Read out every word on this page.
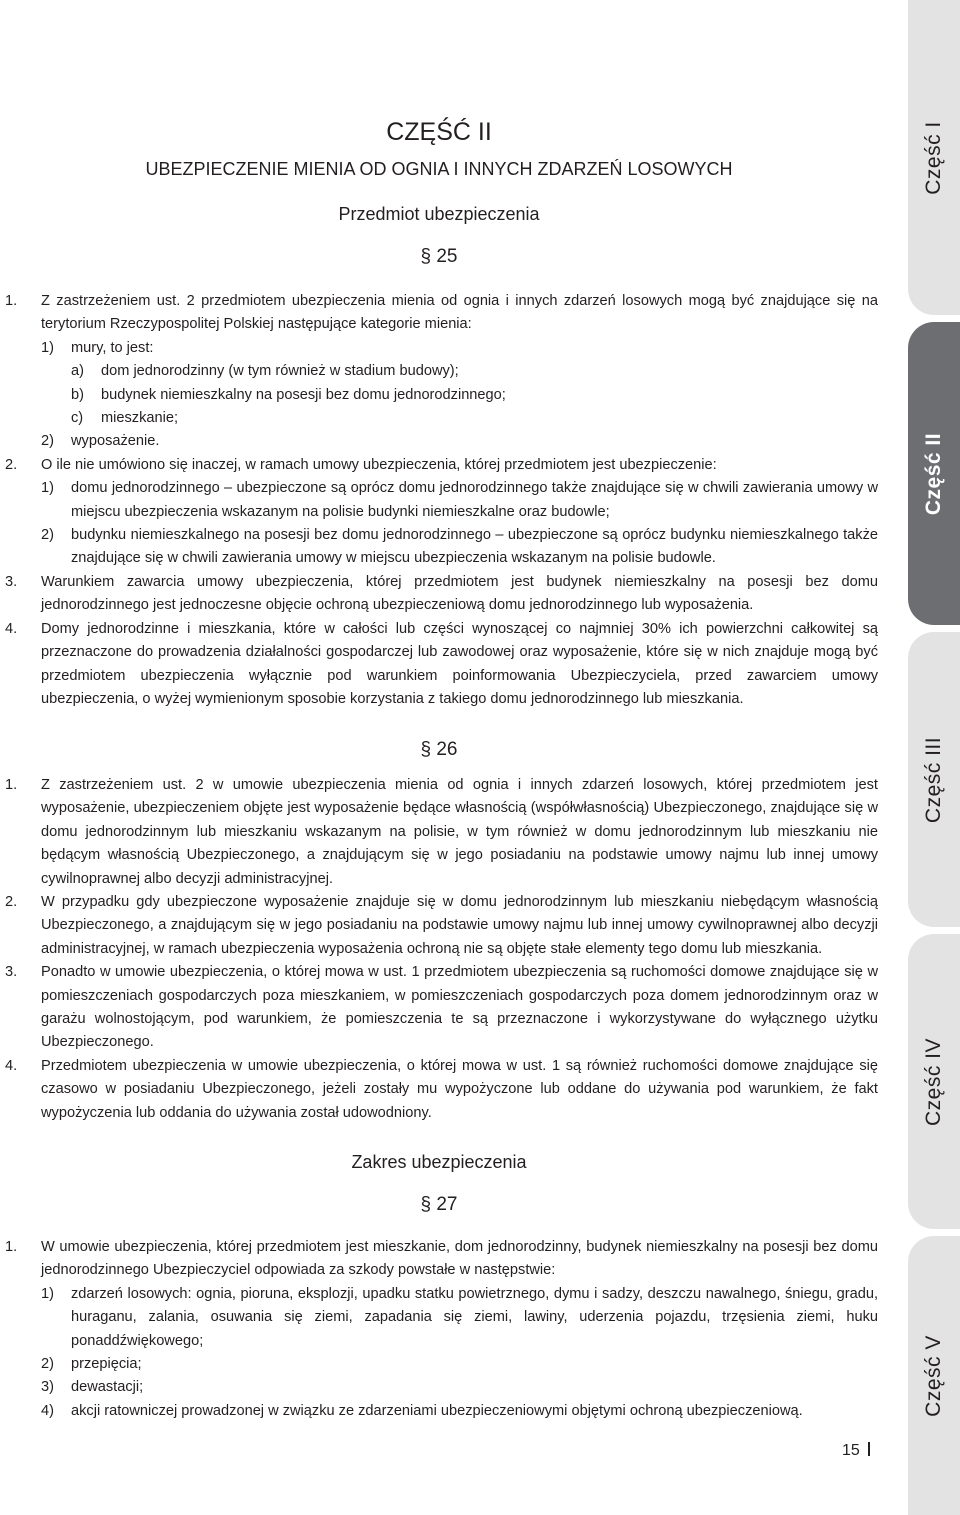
CZĘŚĆ II
UBEZPIECZENIE MIENIA OD OGNIA I INNYCH ZDARZEŃ LOSOWYCH
Przedmiot ubezpieczenia
§ 25
1. Z zastrzeżeniem ust. 2 przedmiotem ubezpieczenia mienia od ognia i innych zdarzeń losowych mogą być znajdujące się na terytorium Rzeczypospolitej Polskiej następujące kategorie mienia:
1) mury, to jest:
a) dom jednorodzinny (w tym również w stadium budowy);
b) budynek niemieszkalny na posesji bez domu jednorodzinnego;
c) mieszkanie;
2) wyposażenie.
2. O ile nie umówiono się inaczej, w ramach umowy ubezpieczenia, której przedmiotem jest ubezpieczenie:
1) domu jednorodzinnego – ubezpieczone są oprócz domu jednorodzinnego także znajdujące się w chwili zawierania umowy w miejscu ubezpieczenia wskazanym na polisie budynki niemieszkalne oraz budowle;
2) budynku niemieszkalnego na posesji bez domu jednorodzinnego – ubezpieczone są oprócz budynku niemieszkalnego także znajdujące się w chwili zawierania umowy w miejscu ubezpieczenia wskazanym na polisie budowle.
3. Warunkiem zawarcia umowy ubezpieczenia, której przedmiotem jest budynek niemieszkalny na posesji bez domu jednorodzinnego jest jednoczesne objęcie ochroną ubezpieczeniową domu jednorodzinnego lub wyposażenia.
4. Domy jednorodzinne i mieszkania, które w całości lub części wynoszącej co najmniej 30% ich powierzchni całkowitej są przeznaczone do prowadzenia działalności gospodarczej lub zawodowej oraz wyposażenie, które się w nich znajduje mogą być przedmiotem ubezpieczenia wyłącznie pod warunkiem poinformowania Ubezpieczyciela, przed zawarciem umowy ubezpieczenia, o wyżej wymienionym sposobie korzystania z takiego domu jednorodzinnego lub mieszkania.
§ 26
1. Z zastrzeżeniem ust. 2 w umowie ubezpieczenia mienia od ognia i innych zdarzeń losowych, której przedmiotem jest wyposażenie, ubezpieczeniem objęte jest wyposażenie będące własnością (współwłasnością) Ubezpieczonego, znajdujące się w domu jednorodzinnym lub mieszkaniu wskazanym na polisie, w tym również w domu jednorodzinnym lub mieszkaniu nie będącym własnością Ubezpieczonego, a znajdującym się w jego posiadaniu na podstawie umowy najmu lub innej umowy cywilnoprawnej albo decyzji administracyjnej.
2. W przypadku gdy ubezpieczone wyposażenie znajduje się w domu jednorodzinnym lub mieszkaniu niebędącym własnością Ubezpieczonego, a znajdującym się w jego posiadaniu na podstawie umowy najmu lub innej umowy cywilnoprawnej albo decyzji administracyjnej, w ramach ubezpieczenia wyposażenia ochroną nie są objęte stałe elementy tego domu lub mieszkania.
3. Ponadto w umowie ubezpieczenia, o której mowa w ust. 1 przedmiotem ubezpieczenia są ruchomości domowe znajdujące się w pomieszczeniach gospodarczych poza mieszkaniem, w pomieszczeniach gospodarczych poza domem jednorodzinnym oraz w garażu wolnostojącym, pod warunkiem, że pomieszczenia te są przeznaczone i wykorzystywane do wyłącznego użytku Ubezpieczonego.
4. Przedmiotem ubezpieczenia w umowie ubezpieczenia, o której mowa w ust. 1 są również ruchomości domowe znajdujące się czasowo w posiadaniu Ubezpieczonego, jeżeli zostały mu wypożyczone lub oddane do używania pod warunkiem, że fakt wypożyczenia lub oddania do używania został udowodniony.
Zakres ubezpieczenia
§ 27
1. W umowie ubezpieczenia, której przedmiotem jest mieszkanie, dom jednorodzinny, budynek niemieszkalny na posesji bez domu jednorodzinnego Ubezpieczyciel odpowiada za szkody powstałe w następstwie:
1) zdarzeń losowych: ognia, pioruna, eksplozji, upadku statku powietrznego, dymu i sadzy, deszczu nawalnego, śniegu, gradu, huraganu, zalania, osuwania się ziemi, zapadania się ziemi, lawiny, uderzenia pojazdu, trzęsienia ziemi, huku ponaddźwiękowego;
2) przepięcia;
3) dewastacji;
4) akcji ratowniczej prowadzonej w związku ze zdarzeniami ubezpieczeniowymi objętymi ochroną ubezpieczeniową.
15
Część I
Część II
Część III
Część IV
Część V
